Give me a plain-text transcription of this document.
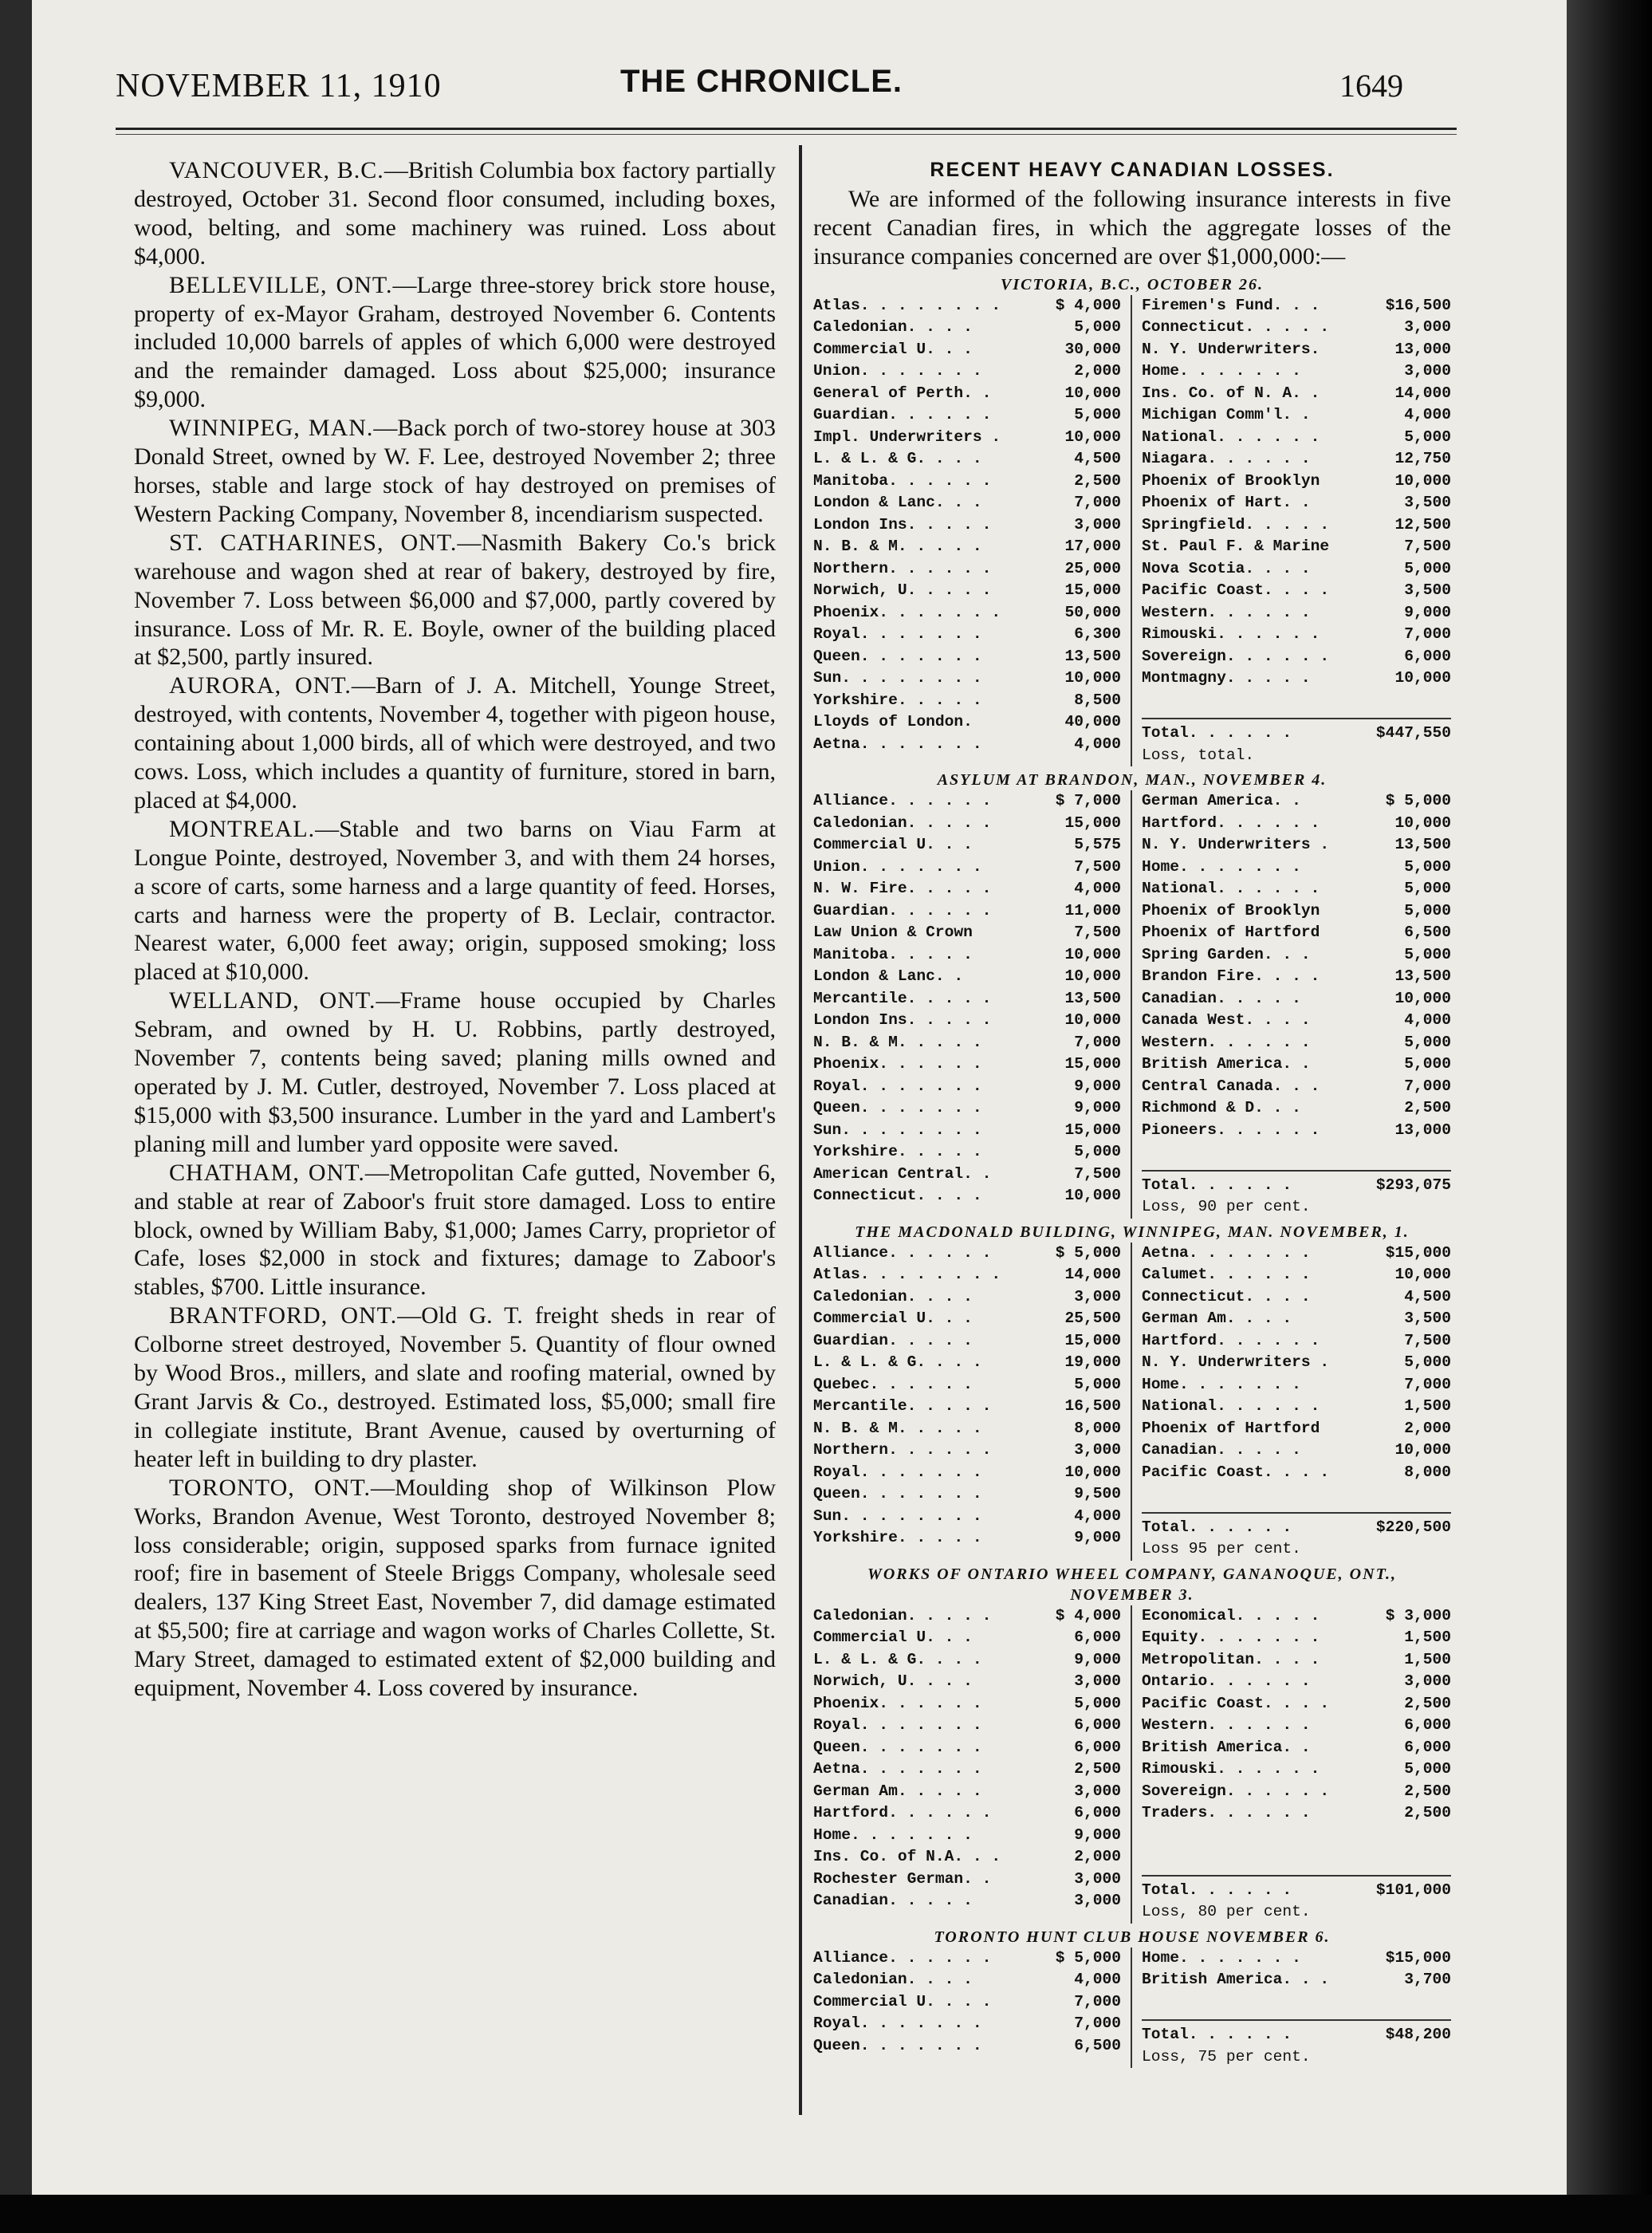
NOVEMBER 11, 1910	THE CHRONICLE.	1649

VANCOUVER, B.C.—British Columbia box factory partially destroyed, October 31. Second floor consumed, including boxes, wood, belting, and some machinery was ruined. Loss about $4,000.

BELLEVILLE, ONT.—Large three-storey brick store house, property of ex-Mayor Graham, destroyed November 6. Contents included 10,000 barrels of apples of which 6,000 were destroyed and the remainder damaged. Loss about $25,000; insurance $9,000.

WINNIPEG, MAN.—Back porch of two-storey house at 303 Donald Street, owned by W. F. Lee, destroyed November 2; three horses, stable and large stock of hay destroyed on premises of Western Packing Company, November 8, incendiarism suspected.

ST. CATHARINES, ONT.—Nasmith Bakery Co.'s brick warehouse and wagon shed at rear of bakery, destroyed by fire, November 7. Loss between $6,000 and $7,000, partly covered by insurance. Loss of Mr. R. E. Boyle, owner of the building placed at $2,500, partly insured.

AURORA, ONT.—Barn of J. A. Mitchell, Younge Street, destroyed, with contents, November 4, together with pigeon house, containing about 1,000 birds, all of which were destroyed, and two cows. Loss, which includes a quantity of furniture, stored in barn, placed at $4,000.

MONTREAL.—Stable and two barns on Viau Farm at Longue Pointe, destroyed, November 3, and with them 24 horses, a score of carts, some harness and a large quantity of feed. Horses, carts and harness were the property of B. Leclair, contractor. Nearest water, 6,000 feet away; origin, supposed smoking; loss placed at $10,000.

WELLAND, ONT.—Frame house occupied by Charles Sebram, and owned by H. U. Robbins, partly destroyed, November 7, contents being saved; planing mills owned and operated by J. M. Cutler, destroyed, November 7. Loss placed at $15,000 with $3,500 insurance. Lumber in the yard and Lambert's planing mill and lumber yard opposite were saved.

CHATHAM, ONT.—Metropolitan Cafe gutted, November 6, and stable at rear of Zaboor's fruit store damaged. Loss to entire block, owned by William Baby, $1,000; James Carry, proprietor of Cafe, loses $2,000 in stock and fixtures; damage to Zaboor's stables, $700. Little insurance.

BRANTFORD, ONT.—Old G. T. freight sheds in rear of Colborne street destroyed, November 5. Quantity of flour owned by Wood Bros., millers, and slate and roofing material, owned by Grant Jarvis & Co., destroyed. Estimated loss, $5,000; small fire in collegiate institute, Brant Avenue, caused by overturning of heater left in building to dry plaster.

TORONTO, ONT.—Moulding shop of Wilkinson Plow Works, Brandon Avenue, West Toronto, destroyed November 8; loss considerable; origin, supposed sparks from furnace ignited roof; fire in basement of Steele Briggs Company, wholesale seed dealers, 137 King Street East, November 7, did damage estimated at $5,500; fire at carriage and wagon works of Charles Collette, St. Mary Street, damaged to estimated extent of $2,000 building and equipment, November 4. Loss covered by insurance.

RECENT HEAVY CANADIAN LOSSES.

We are informed of the following insurance interests in five recent Canadian fires, in which the aggregate losses of the insurance companies concerned are over $1,000,000:—

VICTORIA, B.C., OCTOBER 26.
Atlas. . . . . . . .	$ 4,000
Caledonian. . . .	5,000
Commercial U. . .	30,000
Union. . . . . . .	2,000
General of Perth. .	10,000
Guardian. . . . . .	5,000
Impl. Underwriters .	10,000
L. & L. & G. . . .	4,500
Manitoba. . . . . .	2,500
London & Lanc. . .	7,000
London Ins. . . . .	3,000
N. B. & M. . . . .	17,000
Northern. . . . . .	25,000
Norwich, U. . . . .	15,000
Phoenix. . . . . . .	50,000
Royal. . . . . . .	6,300
Queen. . . . . . .	13,500
Sun. . . . . . . .	10,000
Yorkshire. . . . .	8,500
Lloyds of London.	40,000
Aetna. . . . . . .	4,000
Firemen's Fund. . .	$16,500
Connecticut. . . . .	3,000
N. Y. Underwriters.	13,000
Home. . . . . . .	3,000
Ins. Co. of N. A. .	14,000
Michigan Comm'l. .	4,000
National. . . . . .	5,000
Niagara. . . . . .	12,750
Phoenix of Brooklyn	10,000
Phoenix of Hart. .	3,500
Springfield. . . . .	12,500
St. Paul F. & Marine	7,500
Nova Scotia. . . .	5,000
Pacific Coast. . . .	3,500
Western. . . . . .	9,000
Rimouski. . . . . .	7,000
Sovereign. . . . . .	6,000
Montmagny. . . . .	10,000
Total. . . . . .	$447,550
Loss, total.
ASYLUM AT BRANDON, MAN., NOVEMBER 4.
Alliance. . . . . .	$ 7,000
Caledonian. . . . .	15,000
Commercial U. . .	5,575
Union. . . . . . .	7,500
N. W. Fire. . . . .	4,000
Guardian. . . . . .	11,000
Law Union & Crown	7,500
Manitoba. . . . .	10,000
London & Lanc. .	10,000
Mercantile. . . . .	13,500
London Ins. . . . .	10,000
N. B. & M. . . . .	7,000
Phoenix. . . . . .	15,000
Royal. . . . . . .	9,000
Queen. . . . . . .	9,000
Sun. . . . . . . .	15,000
Yorkshire. . . . .	5,000
American Central. .	7,500
Connecticut. . . .	10,000
German America. .	$ 5,000
Hartford. . . . . .	10,000
N. Y. Underwriters .	13,500
Home. . . . . . .	5,000
National. . . . . .	5,000
Phoenix of Brooklyn	5,000
Phoenix of Hartford	6,500
Spring Garden. . .	5,000
Brandon Fire. . . .	13,500
Canadian. . . . .	10,000
Canada West. . . .	4,000
Western. . . . . .	5,000
British America. .	5,000
Central Canada. . .	7,000
Richmond & D. . .	2,500
Pioneers. . . . . .	13,000
Total. . . . . .	$293,075
Loss, 90 per cent.
THE MACDONALD BUILDING, WINNIPEG, MAN. NOVEMBER, 1.
Alliance. . . . . .	$ 5,000
Atlas. . . . . . . .	14,000
Caledonian. . . .	3,000
Commercial U. . .	25,500
Guardian. . . . .	15,000
L. & L. & G. . . .	19,000
Quebec. . . . . .	5,000
Mercantile. . . . .	16,500
N. B. & M. . . . .	8,000
Northern. . . . . .	3,000
Royal. . . . . . .	10,000
Queen. . . . . . .	9,500
Sun. . . . . . . .	4,000
Yorkshire. . . . .	9,000
Aetna. . . . . . .	$15,000
Calumet. . . . . .	10,000
Connecticut. . . .	4,500
German Am. . . .	3,500
Hartford. . . . . .	7,500
N. Y. Underwriters .	5,000
Home. . . . . . .	7,000
National. . . . . .	1,500
Phoenix of Hartford	2,000
Canadian. . . . .	10,000
Pacific Coast. . . .	8,000
Total. . . . . .	$220,500
Loss 95 per cent.
WORKS OF ONTARIO WHEEL COMPANY, GANANOQUE, ONT., NOVEMBER 3.
Caledonian. . . . .	$ 4,000
Commercial U. . .	6,000
L. & L. & G. . . .	9,000
Norwich, U. . . .	3,000
Phoenix. . . . . .	5,000
Royal. . . . . . .	6,000
Queen. . . . . . .	6,000
Aetna. . . . . . .	2,500
German Am. . . . .	3,000
Hartford. . . . . .	6,000
Home. . . . . . .	9,000
Ins. Co. of N.A. . .	2,000
Rochester German. .	3,000
Canadian. . . . .	3,000
Economical. . . . .	$ 3,000
Equity. . . . . . .	1,500
Metropolitan. . . .	1,500
Ontario. . . . . .	3,000
Pacific Coast. . . .	2,500
Western. . . . . .	6,000
British America. .	6,000
Rimouski. . . . . .	5,000
Sovereign. . . . . .	2,500
Traders. . . . . .	2,500
Total. . . . . .	$101,000
Loss, 80 per cent.
TORONTO HUNT CLUB HOUSE NOVEMBER 6.
Alliance. . . . . .	$ 5,000
Caledonian. . . .	4,000
Commercial U. . . .	7,000
Royal. . . . . . .	7,000
Queen. . . . . . .	6,500
Home. . . . . . .	$15,000
British America. . .	3,700
Total. . . . . .	$48,200
Loss, 75 per cent.
